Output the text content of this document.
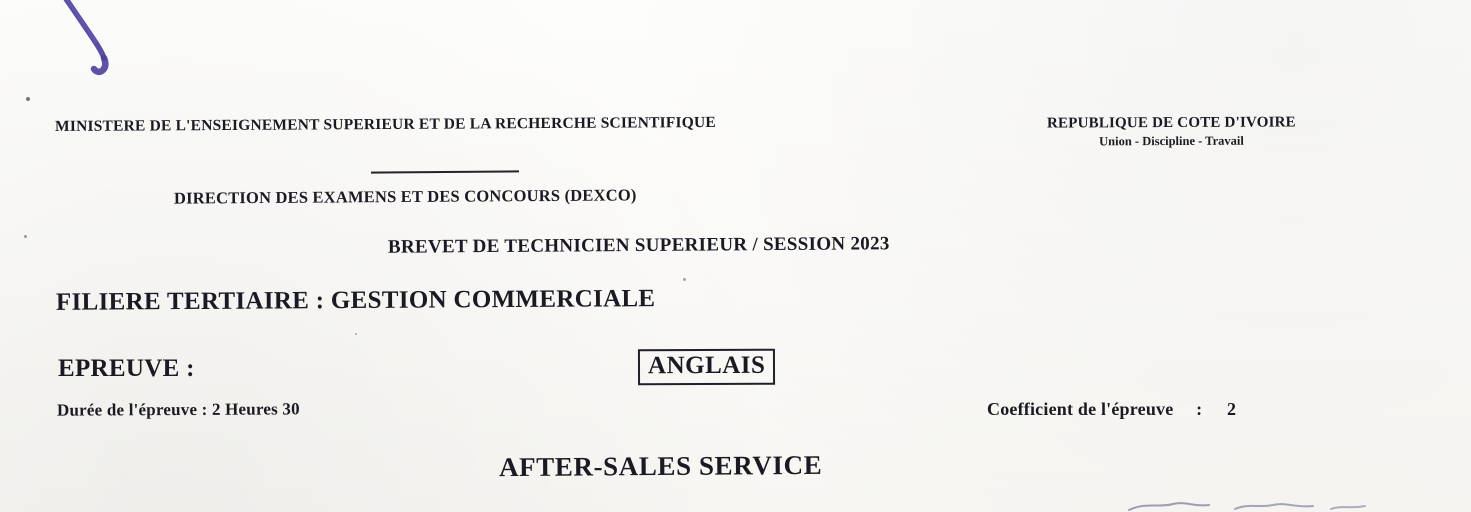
MINISTERE DE L'ENSEIGNEMENT SUPERIEUR ET DE LA RECHERCHE SCIENTIFIQUE	REPUBLIQUE DE COTE D'IVOIRE
Union - Discipline - Travail
DIRECTION DES EXAMENS ET DES CONCOURS (DEXCO)
BREVET DE TECHNICIEN SUPERIEUR / SESSION 2023
FILIERE TERTIAIRE : GESTION COMMERCIALE
EPREUVE :	ANGLAIS
Durée de l'épreuve : 2 Heures 30	Coefficient de l'épreuve : 2
AFTER-SALES SERVICE
